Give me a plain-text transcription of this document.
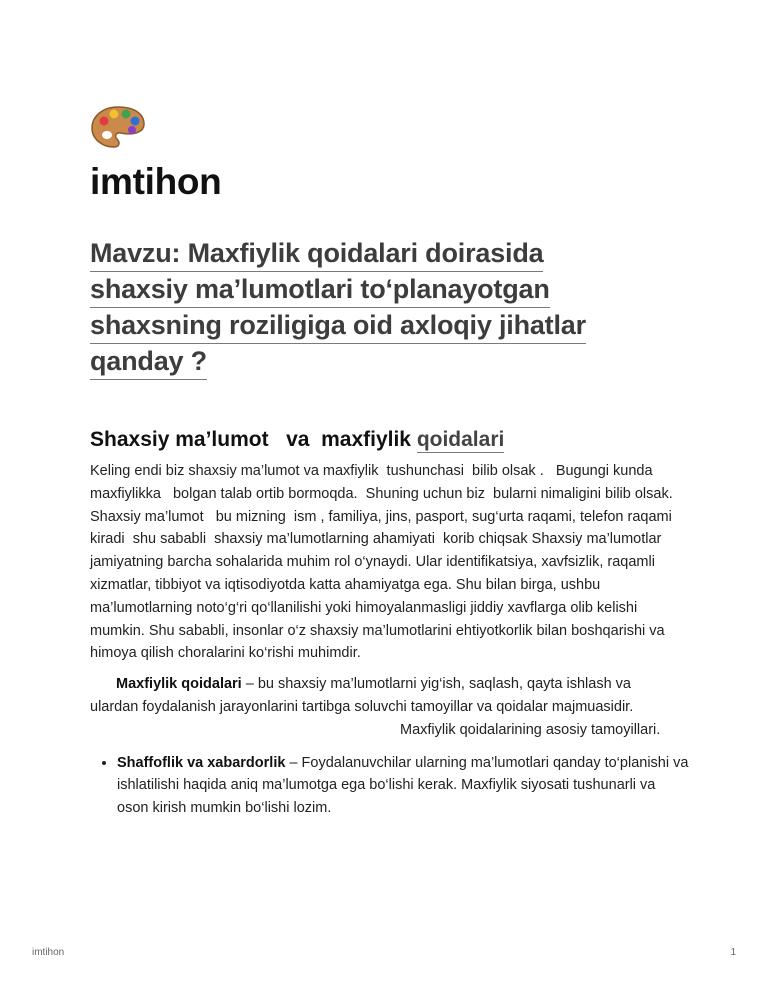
imtihon
Mavzu: Maxfiylik qoidalari doirasida
shaxsiy ma’lumotlari to‘planayotgan
shaxsning roziligiga oid axloqiy jihatlar
qanday ?
Shaxsiy ma’lumot   va  maxfiylik qoidalari

Keling endi biz shaxsiy ma’lumot va maxfiylik  tushunchasi  bilib olsak .   Bugungi kunda maxfiylikka   bolgan talab ortib bormoqda.  Shuning uchun biz  bularni nimaligini bilib olsak.  Shaxsiy ma’lumot   bu mizning  ism , familiya, jins, pasport, sug‘urta raqami, telefon raqami   kiradi  shu sababli  shaxsiy ma’lumotlarning ahamiyati  korib chiqsak Shaxsiy ma’lumotlar jamiyatning barcha sohalarida muhim rol o‘ynaydi. Ular identifikatsiya, xavfsizlik, raqamli xizmatlar, tibbiyot va iqtisodiyotda katta ahamiyatga ega. Shu bilan birga, ushbu ma’lumotlarning noto‘g‘ri qo‘llanilishi yoki himoyalanmasligi jiddiy xavflarga olib kelishi mumkin. Shu sababli, insonlar o‘z shaxsiy ma’lumotlarini ehtiyotkorlik bilan boshqarishi va himoya qilish choralarini ko‘rishi muhimdir.

Maxfiylik qoidalari – bu shaxsiy ma’lumotlarni yig‘ish, saqlash, qayta ishlash va ulardan foydalanish jarayonlarini tartibga soluvchi tamoyillar va qoidalar majmuasidir.Maxfiylik qoidalarining asosiy tamoyillari.

• Shaffoflik va xabardorlik – Foydalanuvchilar ularning ma’lumotlari qanday to‘planishi va ishlatilishi haqida aniq ma’lumotga ega bo‘lishi kerak. Maxfiylik siyosati tushunarli va oson kirish mumkin bo‘lishi lozim.
imtihon	1
